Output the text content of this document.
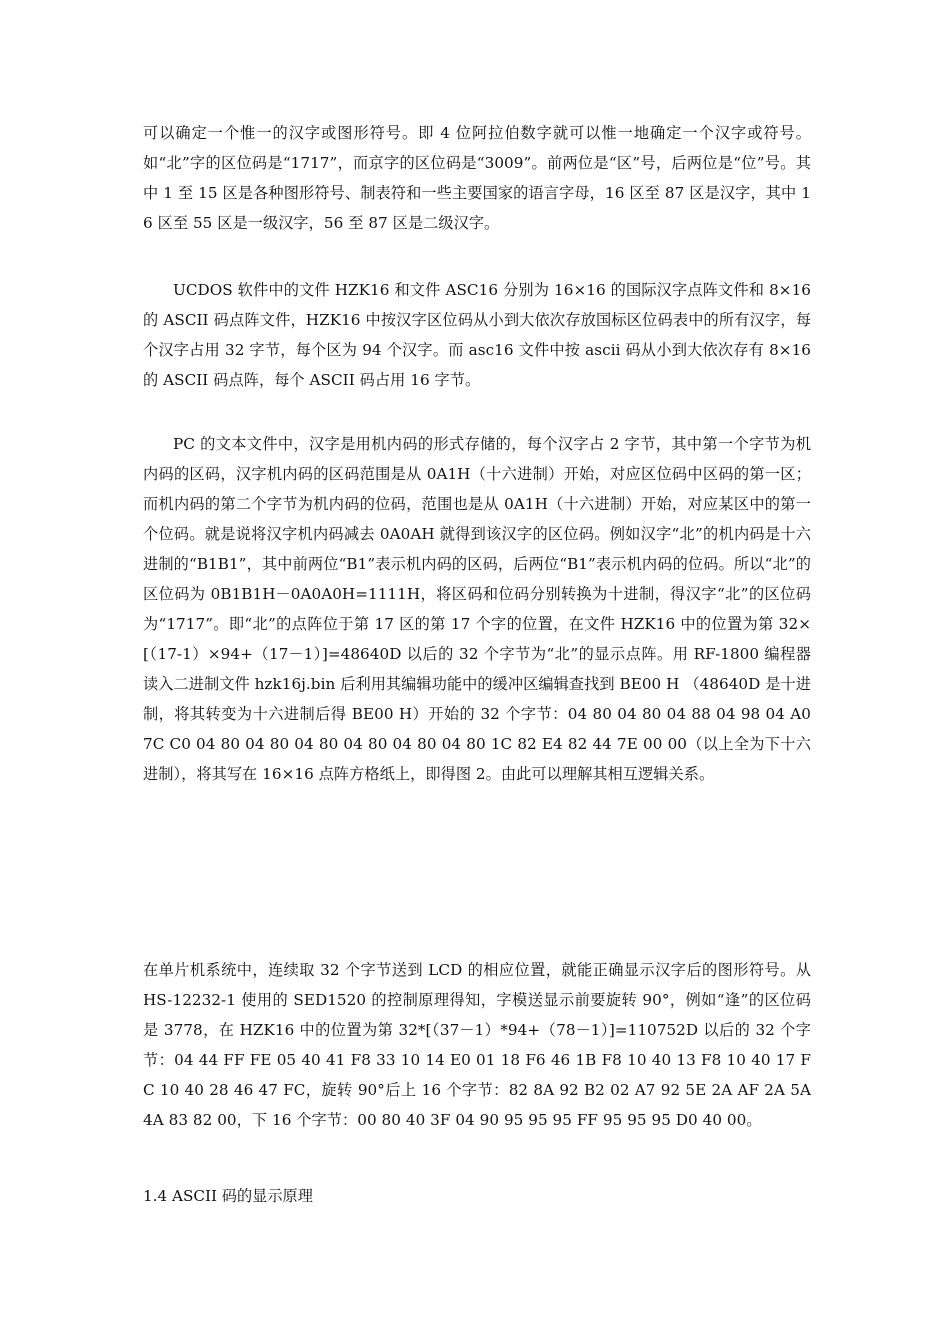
可以确定一个惟一的汉字或图形符号。即 4 位阿拉伯数字就可以惟一地确定一个汉字或符号。如“北”字的区位码是“1717”，而京字的区位码是“3009”。前两位是“区”号，后两位是“位”号。其中 1 至 15 区是各种图形符号、制表符和一些主要国家的语言字母，16 区至 87 区是汉字，其中 16 区至 55 区是一级汉字，56 至 87 区是二级汉字。

UCDOS 软件中的文件 HZK16 和文件 ASC16 分别为 16×16 的国际汉字点阵文件和 8×16 的 ASCII 码点阵文件，HZK16 中按汉字区位码从小到大依次存放国标区位码表中的所有汉字，每个汉字占用 32 字节，每个区为 94 个汉字。而 asc16 文件中按 ascii 码从小到大依次存有 8×16 的 ASCII 码点阵，每个 ASCII 码占用 16 字节。

PC 的文本文件中，汉字是用机内码的形式存储的，每个汉字占 2 字节，其中第一个字节为机内码的区码，汉字机内码的区码范围是从 0A1H（十六进制）开始，对应区位码中区码的第一区；而机内码的第二个字节为机内码的位码，范围也是从 0A1H（十六进制）开始，对应某区中的第一个位码。就是说将汉字机内码减去 0A0AH 就得到该汉字的区位码。例如汉字“北”的机内码是十六进制的“B1B1”，其中前两位“B1”表示机内码的区码，后两位“B1”表示机内码的位码。所以“北”的区位码为 0B1B1H－0A0A0H=1111H，将区码和位码分别转换为十进制，得汉字“北”的区位码为“1717”。即“北”的点阵位于第 17 区的第 17 个字的位置，在文件 HZK16 中的位置为第 32×[（17-1）×94+（17－1）]=48640D 以后的 32 个字节为“北”的显示点阵。用 RF-1800 编程器读入二进制文件 hzk16j.bin 后利用其编辑功能中的缓冲区编辑查找到 BE00 H （48640D 是十进制，将其转变为十六进制后得 BE00 H）开始的 32 个字节：04 80 04 80 04 88 04 98 04 A0 7C C0 04 80 04 80 04 80 04 80 04 80 04 80 1C 82 E4 82 44 7E 00 00（以上全为下十六进制），将其写在 16×16 点阵方格纸上，即得图 2。由此可以理解其相互逻辑关系。

在单片机系统中，连续取 32 个字节送到 LCD 的相应位置，就能正确显示汉字后的图形符号。从 HS-12232-1 使用的 SED1520 的控制原理得知，字模送显示前要旋转 90°，例如“逢”的区位码是 3778，在 HZK16 中的位置为第 32*[（37－1）*94+（78－1）]=110752D 以后的 32 个字节：04 44 FF FE 05 40 41 F8 33 10 14 E0 01 18 F6 46 1B F8 10 40 13 F8 10 40 17 FC 10 40 28 46 47 FC，旋转 90°后上 16 个字节：82 8A 92 B2 02 A7 92 5E 2A AF 2A 5A 4A 83 82 00，下 16 个字节：00 80 40 3F 04 90 95 95 95 FF 95 95 95 D0 40 00。

1.4 ASCII 码的显示原理
